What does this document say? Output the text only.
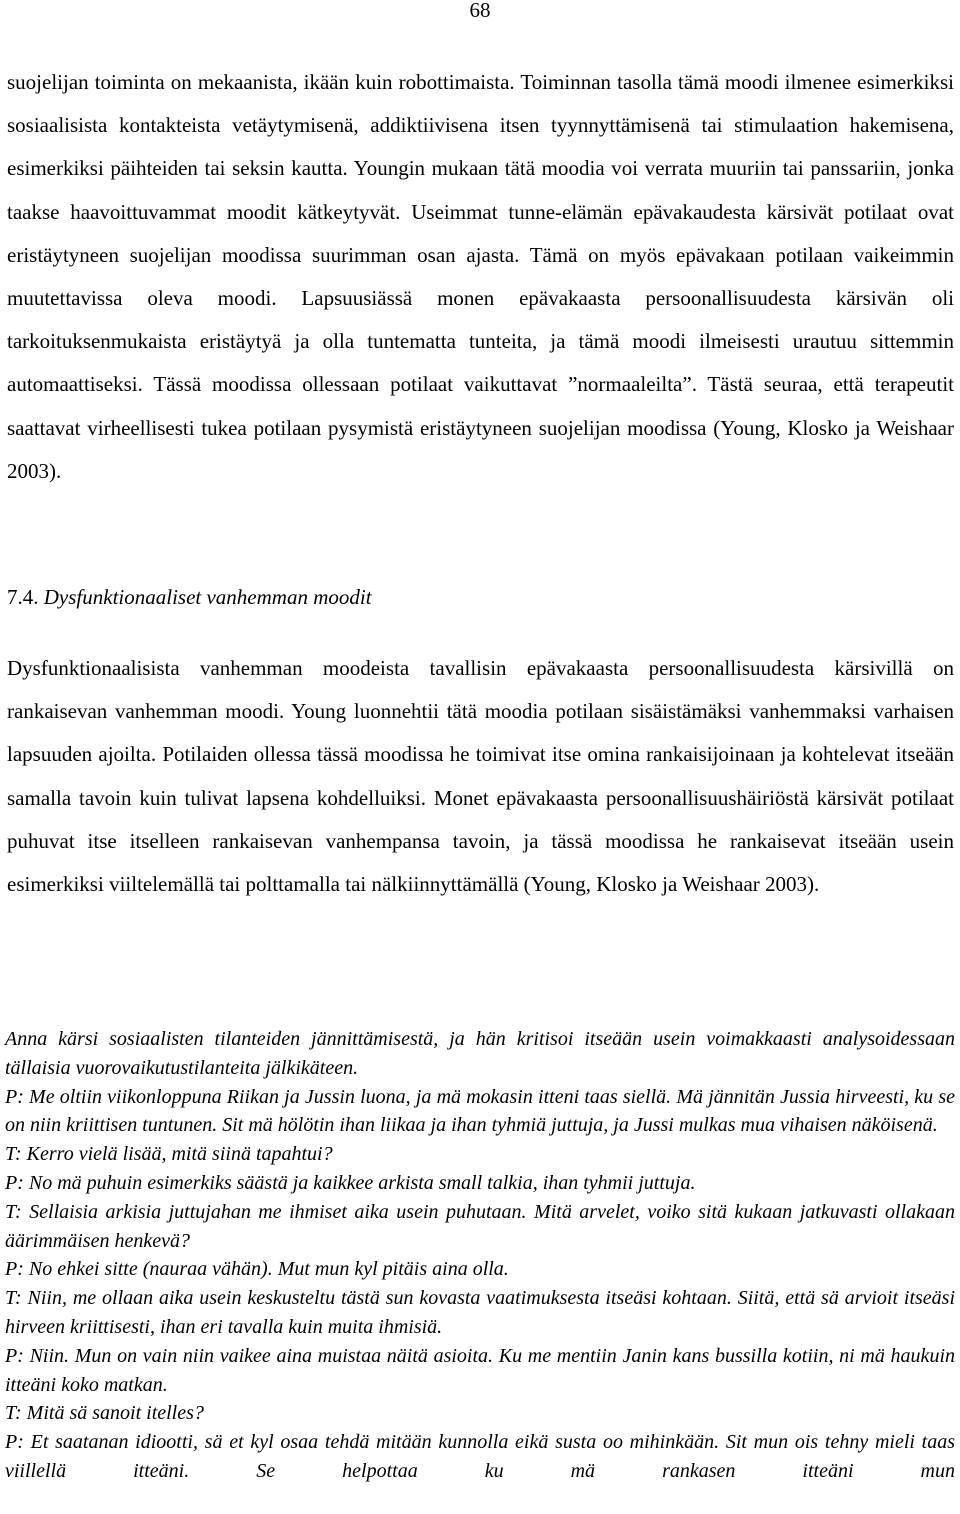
68

suojelijan toiminta on mekaanista, ikään kuin robottimaista. Toiminnan tasolla tämä moodi ilmenee esimerkiksi sosiaalisista kontakteista vetäytymisenä, addiktiivisena itsen tyynnyttämisenä tai stimulaation hakemisena, esimerkiksi päihteiden tai seksin kautta. Youngin mukaan tätä moodia voi verrata muuriin tai panssariin, jonka taakse haavoittuvammat moodit kätkeytyvät. Useimmat tunne-elämän epävakaudesta kärsivät potilaat ovat eristäytyneen suojelijan moodissa suurimman osan ajasta. Tämä on myös epävakaan potilaan vaikeimmin muutettavissa oleva moodi. Lapsuusiässä monen epävakaasta persoonallisuudesta kärsivän oli tarkoituksenmukaista eristäytyä ja olla tuntematta tunteita, ja tämä moodi ilmeisesti urautuu sittemmin automaattiseksi. Tässä moodissa ollessaan potilaat vaikuttavat ”normaaleilta”. Tästä seuraa, että terapeutit saattavat virheellisesti tukea potilaan pysymistä eristäytyneen suojelijan moodissa (Young, Klosko ja Weishaar 2003).

7.4. Dysfunktionaaliset vanhemman moodit

Dysfunktionaalisista vanhemman moodeista tavallisin epävakaasta persoonallisuudesta kärsivillä on rankaisevan vanhemman moodi. Young luonnehtii tätä moodia potilaan sisäistämäksi vanhemmaksi varhaisen lapsuuden ajoilta. Potilaiden ollessa tässä moodissa he toimivat itse omina rankaisijoinaan ja kohtelevat itseään samalla tavoin kuin tulivat lapsena kohdelluiksi. Monet epävakaasta persoonallisuushäiriöstä kärsivät potilaat puhuvat itse itselleen rankaisevan vanhempansa tavoin, ja tässä moodissa he rankaisevat itseään usein esimerkiksi viiltelemällä tai polttamalla tai nälkiinnyttämällä (Young, Klosko ja Weishaar 2003).

Anna kärsi sosiaalisten tilanteiden jännittämisestä, ja hän kritisoi itseään usein voimakkaasti analysoidessaan tällaisia vuorovaikutustilanteita jälkikäteen.

P: Me oltiin viikonloppuna Riikan ja Jussin luona, ja mä mokasin itteni taas siellä. Mä jännitän Jussia hirveesti, ku se on niin kriittisen tuntunen. Sit mä hölötin ihan liikaa ja ihan tyhmiä juttuja, ja Jussi mulkas mua vihaisen näköisenä.

T: Kerro vielä lisää, mitä siinä tapahtui?

P: No mä puhuin esimerkiks säästä ja kaikkee arkista small talkia, ihan tyhmii juttuja.

T: Sellaisia arkisia juttujahan me ihmiset aika usein puhutaan. Mitä arvelet, voiko sitä kukaan jatkuvasti ollakaan äärimmäisen henkevä?

P: No ehkei sitte (nauraa vähän). Mut mun kyl pitäis aina olla.

T: Niin, me ollaan aika usein keskusteltu tästä sun kovasta vaatimuksesta itseäsi kohtaan. Siitä, että sä arvioit itseäsi hirveen kriittisesti, ihan eri tavalla kuin muita ihmisiä.

P: Niin. Mun on vain niin vaikee aina muistaa näitä asioita. Ku me mentiin Janin kans bussilla kotiin, ni mä haukuin itteäni koko matkan.

T: Mitä sä sanoit itelles?

P: Et saatanan idiootti, sä et kyl osaa tehdä mitään kunnolla eikä susta oo mihinkään. Sit mun ois tehny mieli taas viillellä itteäni. Se helpottaa ku mä rankasen itteäni mun
